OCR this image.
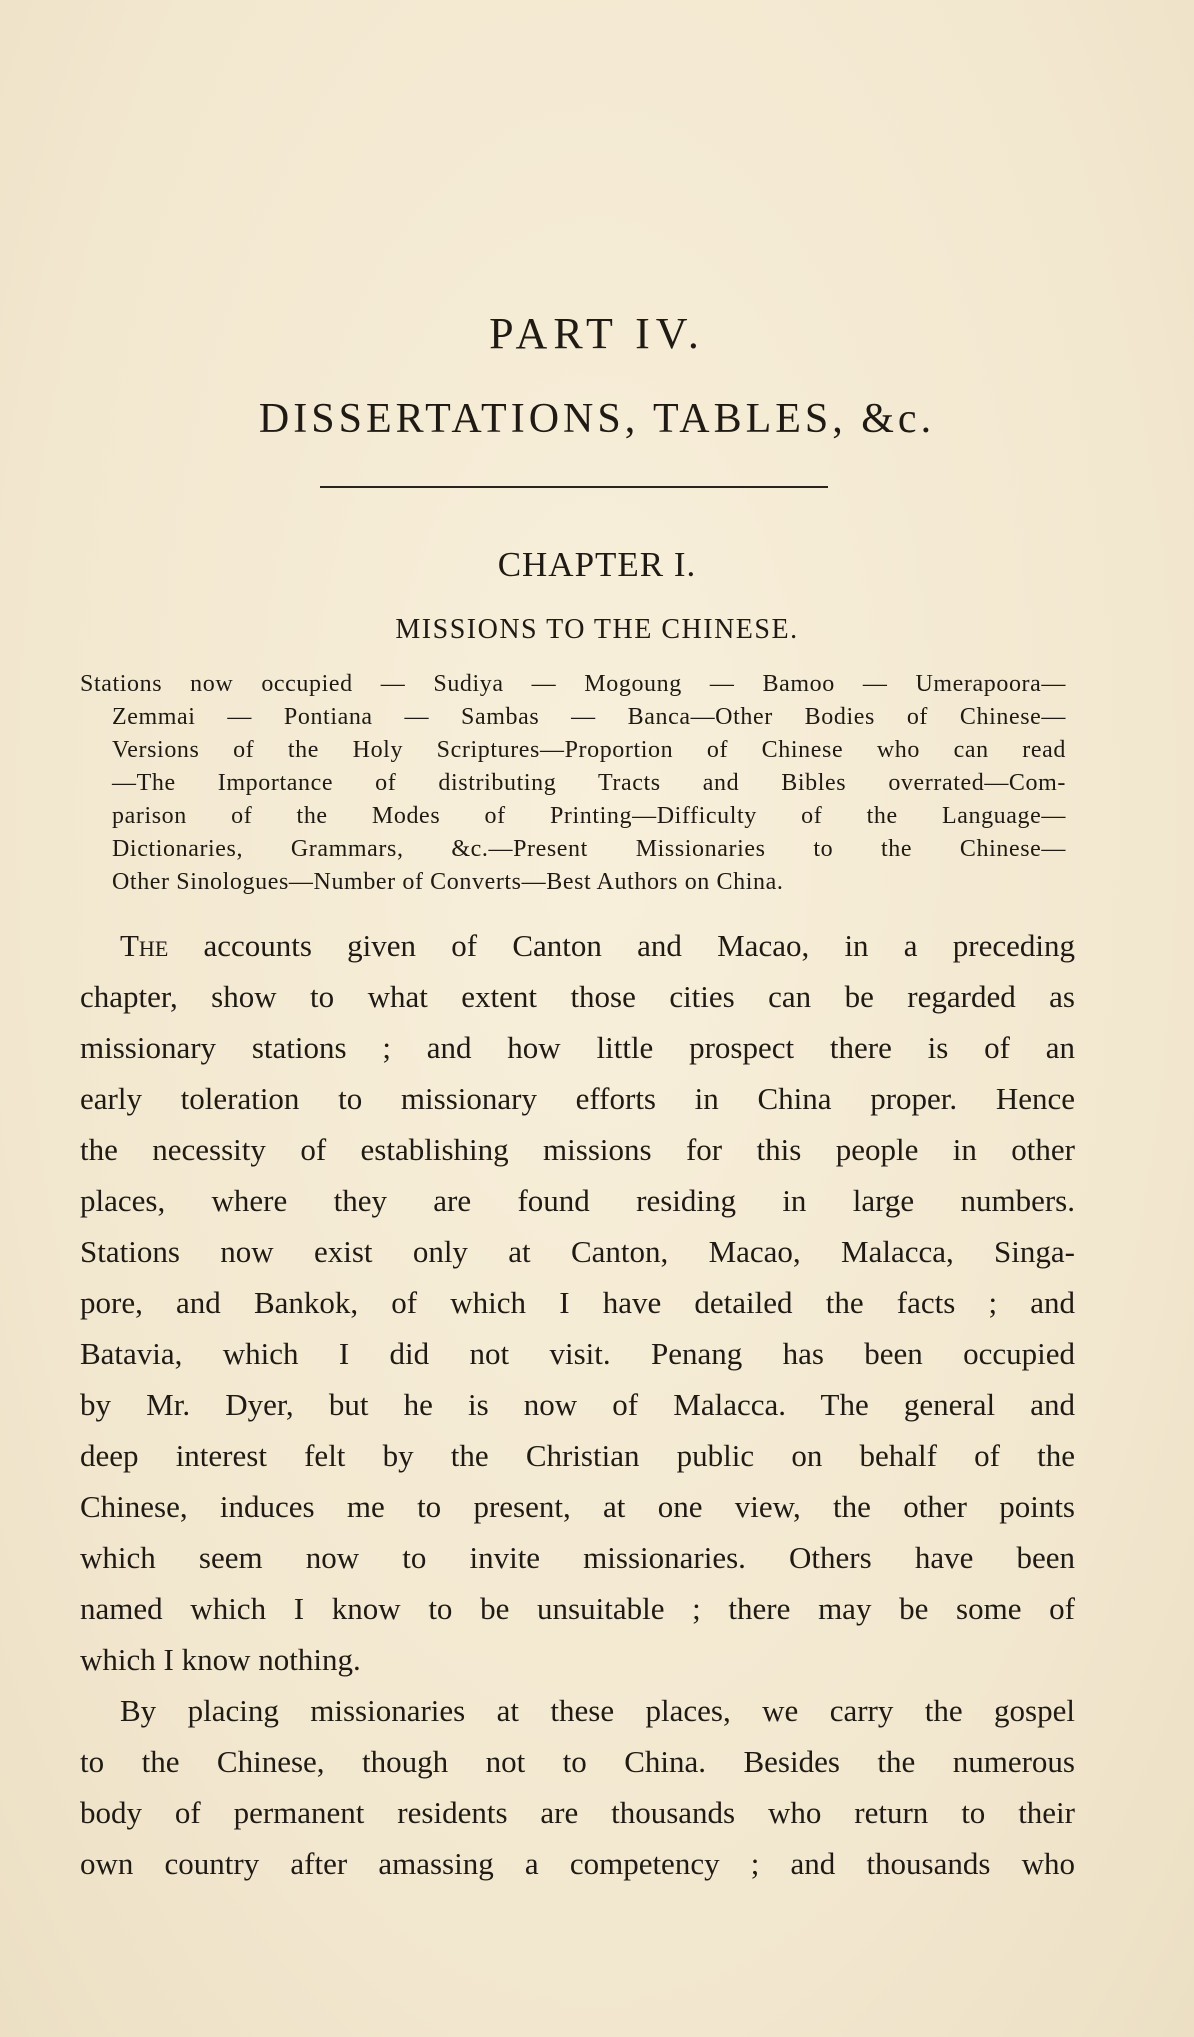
PART IV.
DISSERTATIONS, TABLES, &c.
CHAPTER I.
MISSIONS TO THE CHINESE.
Stations now occupied — Sudiya — Mogoung — Bamoo — Umerapoora—
Zemmai — Pontiana — Sambas — Banca—Other Bodies of Chinese—
Versions of the Holy Scriptures—Proportion of Chinese who can read
—The Importance of distributing Tracts and Bibles overrated—Com-
parison of the Modes of Printing—Difficulty of the Language—
Dictionaries, Grammars, &c.—Present Missionaries to the Chinese—
Other Sinologues—Number of Converts—Best Authors on China.
The accounts given of Canton and Macao, in a preceding
chapter, show to what extent those cities can be regarded as
missionary stations ; and how little prospect there is of an
early toleration to missionary efforts in China proper. Hence
the necessity of establishing missions for this people in other
places, where they are found residing in large numbers.
Stations now exist only at Canton, Macao, Malacca, Singa-
pore, and Bankok, of which I have detailed the facts ; and
Batavia, which I did not visit. Penang has been occupied
by Mr. Dyer, but he is now of Malacca. The general and
deep interest felt by the Christian public on behalf of the
Chinese, induces me to present, at one view, the other points
which seem now to invite missionaries. Others have been
named which I know to be unsuitable ; there may be some of
which I know nothing.
By placing missionaries at these places, we carry the gospel
to the Chinese, though not to China. Besides the numerous
body of permanent residents are thousands who return to their
own country after amassing a competency ; and thousands who
